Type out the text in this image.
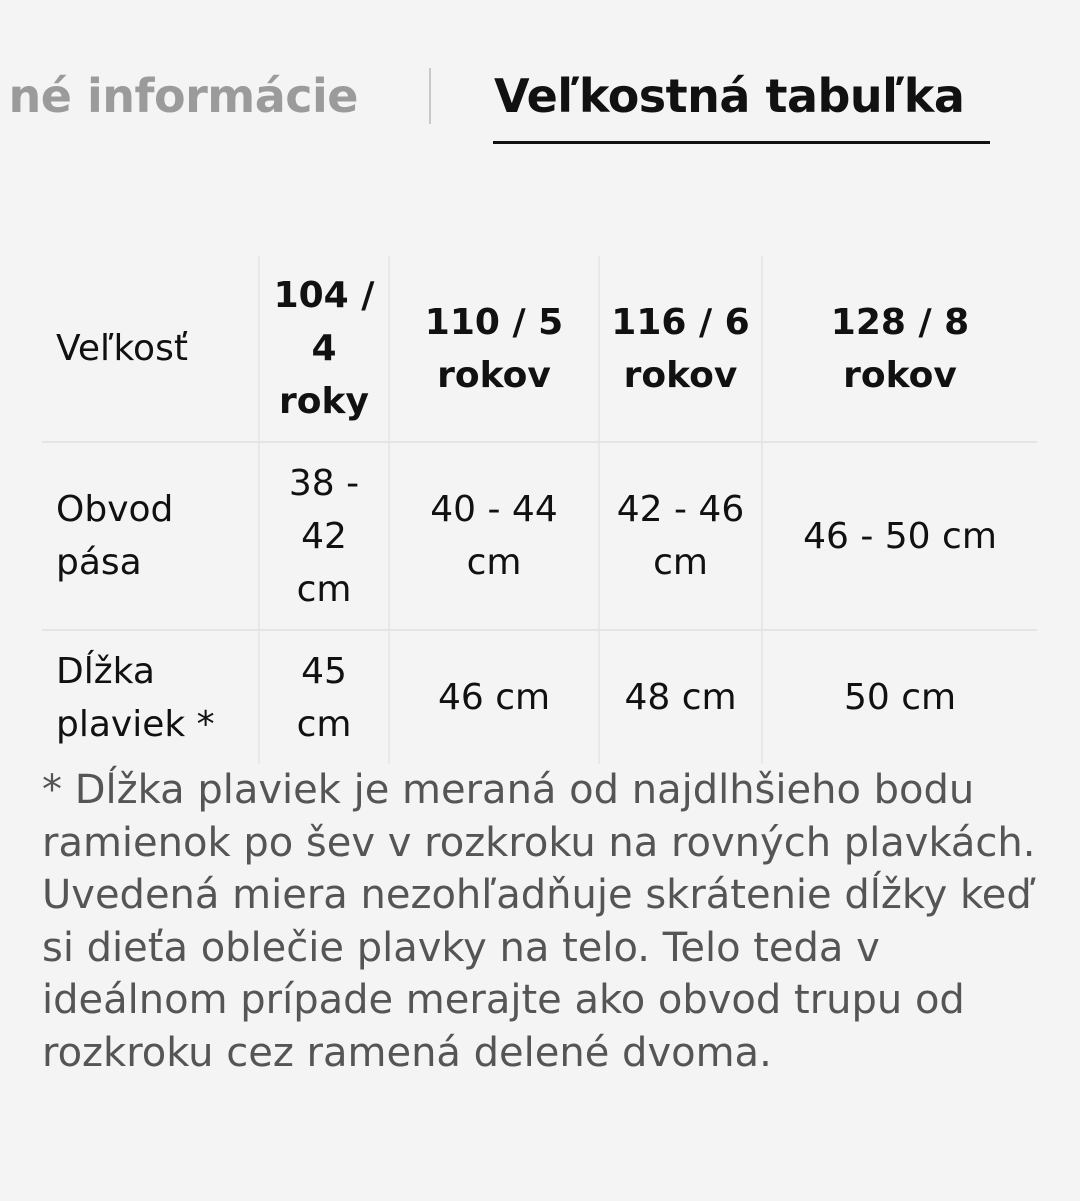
né informácie	Veľkostná tabuľka
Veľkosť	104 / 4 roky	110 / 5 rokov	116 / 6 rokov	128 / 8 rokov
Obvod pása	38 - 42 cm	40 - 44 cm	42 - 46 cm	46 - 50 cm
Dĺžka plaviek *	45 cm	46 cm	48 cm	50 cm
* Dĺžka plaviek je meraná od najdlhšieho bodu ramienok po šev v rozkroku na rovných plavkách. Uvedená miera nezohľadňuje skrátenie dĺžky keď si dieťa oblečie plavky na telo. Telo teda v ideálnom prípade merajte ako obvod trupu od rozkroku cez ramená delené dvoma.
